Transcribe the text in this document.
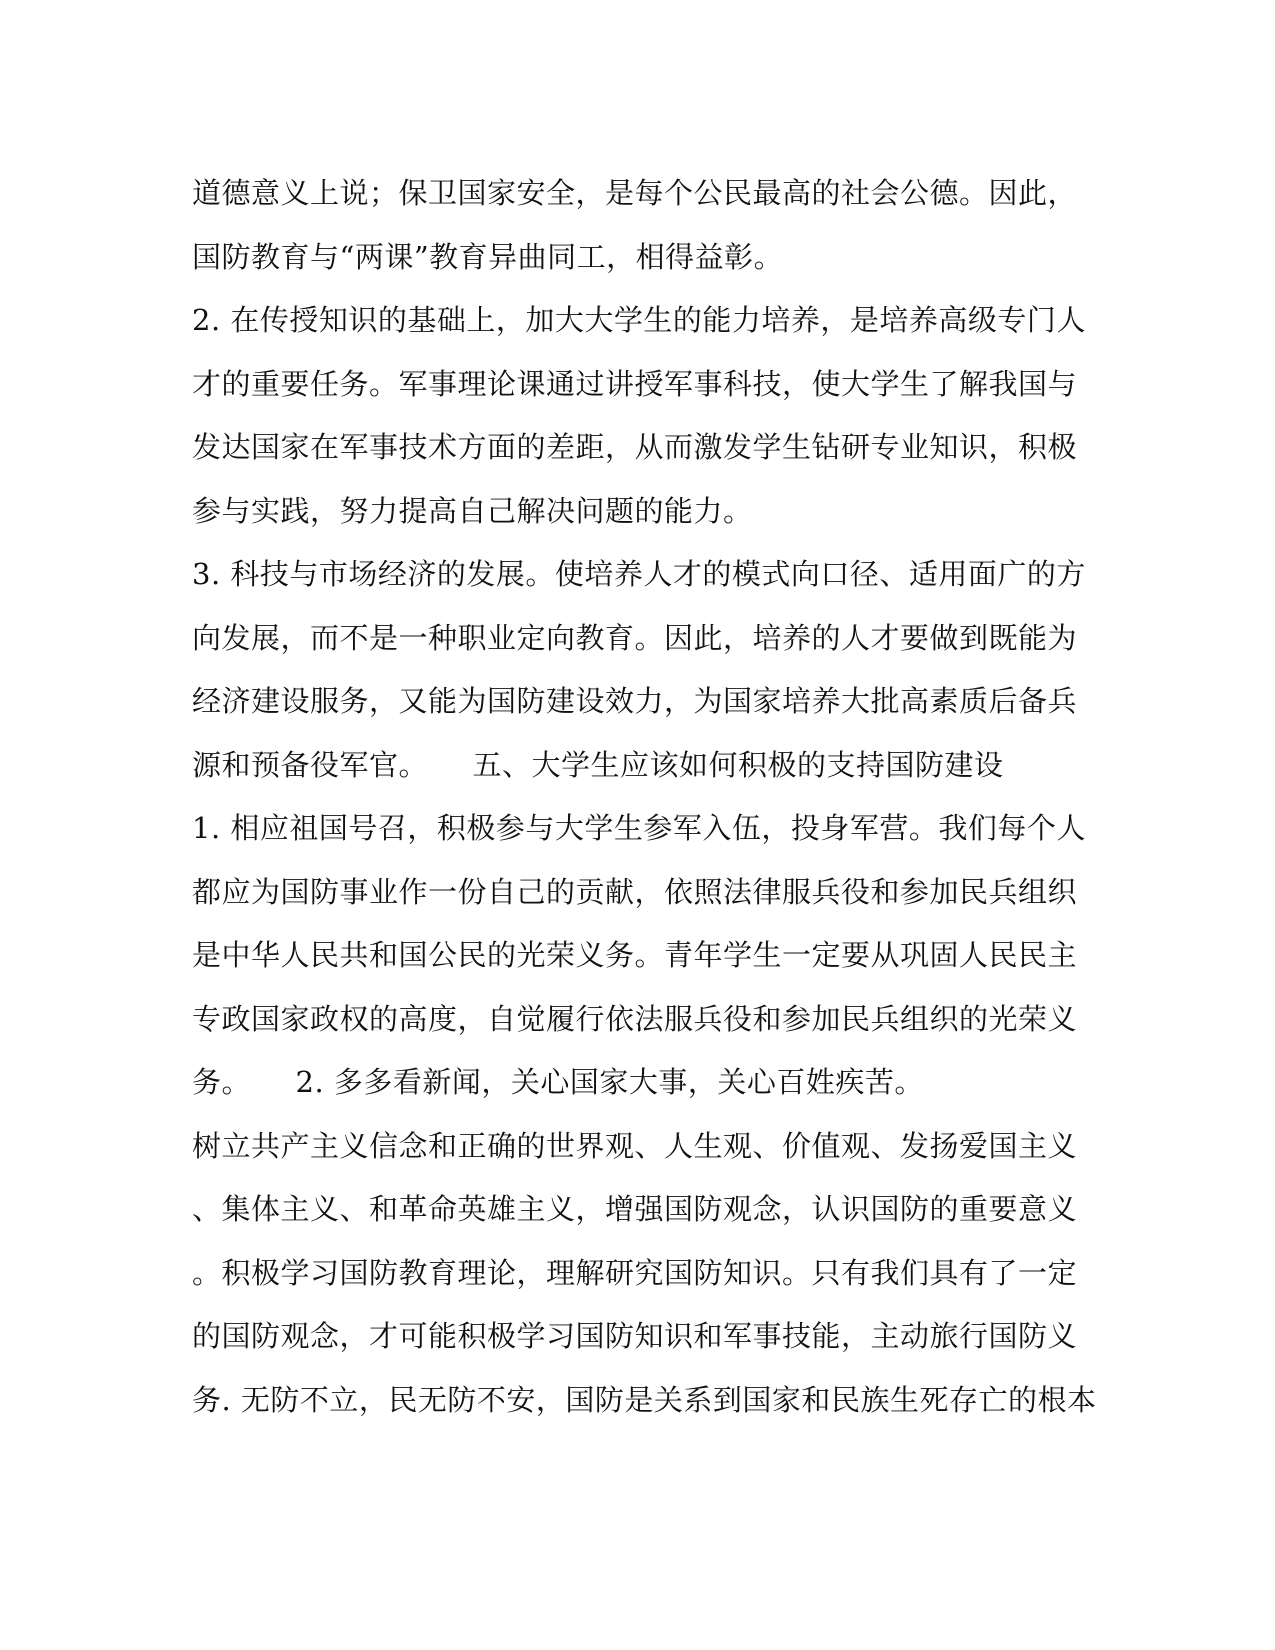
道德意义上说；保卫国家安全，是每个公民最高的社会公德。因此，
国防教育与“两课”教育异曲同工，相得益彰。
2. 在传授知识的基础上，加大大学生的能力培养，是培养高级专门人
才的重要任务。军事理论课通过讲授军事科技，使大学生了解我国与
发达国家在军事技术方面的差距，从而激发学生钻研专业知识，积极
参与实践，努力提高自己解决问题的能力。
3. 科技与市场经济的发展。使培养人才的模式向口径、适用面广的方
向发展，而不是一种职业定向教育。因此，培养的人才要做到既能为
经济建设服务，又能为国防建设效力，为国家培养大批高素质后备兵
源和预备役军官。　　五、大学生应该如何积极的支持国防建设
1. 相应祖国号召，积极参与大学生参军入伍，投身军营。我们每个人
都应为国防事业作一份自己的贡献，依照法律服兵役和参加民兵组织
是中华人民共和国公民的光荣义务。青年学生一定要从巩固人民民主
专政国家政权的高度，自觉履行依法服兵役和参加民兵组织的光荣义
务。　　2. 多多看新闻，关心国家大事，关心百姓疾苦。
树立共产主义信念和正确的世界观、人生观、价值观、发扬爱国主义
、集体主义、和革命英雄主义，增强国防观念，认识国防的重要意义
。积极学习国防教育理论，理解研究国防知识。只有我们具有了一定
的国防观念，才可能积极学习国防知识和军事技能，主动旅行国防义
务. 无防不立，民无防不安，国防是关系到国家和民族生死存亡的根本
